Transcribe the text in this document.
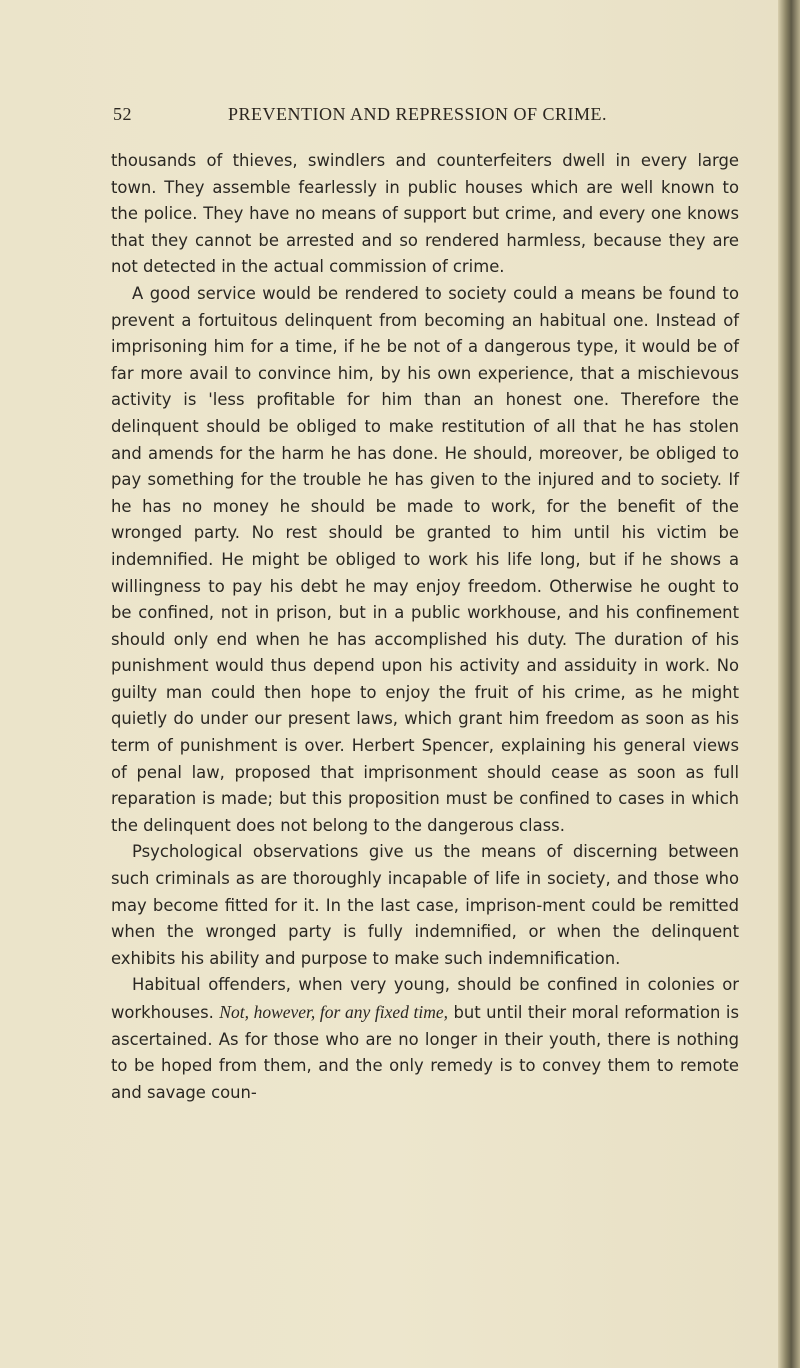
52	PREVENTION AND REPRESSION OF CRIME.

thousands of thieves, swindlers and counterfeiters dwell in every large town. They assemble fearlessly in public houses which are well known to the police. They have no means of support but crime, and every one knows that they cannot be arrested and so rendered harmless, because they are not detected in the actual commission of crime.

A good service would be rendered to society could a means be found to prevent a fortuitous delinquent from becoming an habitual one. Instead of imprisoning him for a time, if he be not of a dangerous type, it would be of far more avail to convince him, by his own experience, that a mischievous activity is 'less profitable for him than an honest one. Therefore the delinquent should be obliged to make restitution of all that he has stolen and amends for the harm he has done. He should, moreover, be obliged to pay something for the trouble he has given to the injured and to society. If he has no money he should be made to work, for the benefit of the wronged party. No rest should be granted to him until his victim be indemnified. He might be obliged to work his life long, but if he shows a willingness to pay his debt he may enjoy freedom. Otherwise he ought to be confined, not in prison, but in a public workhouse, and his confinement should only end when he has accomplished his duty. The duration of his punishment would thus depend upon his activity and assiduity in work. No guilty man could then hope to enjoy the fruit of his crime, as he might quietly do under our present laws, which grant him freedom as soon as his term of punishment is over. Herbert Spencer, explaining his general views of penal law, proposed that imprisonment should cease as soon as full reparation is made; but this proposition must be confined to cases in which the delinquent does not belong to the dangerous class.

Psychological observations give us the means of discerning between such criminals as are thoroughly incapable of life in society, and those who may become fitted for it. In the last case, imprison-ment could be remitted when the wronged party is fully indemnified, or when the delinquent exhibits his ability and purpose to make such indemnification.

Habitual offenders, when very young, should be confined in colonies or workhouses. Not, however, for any fixed time, but until their moral reformation is ascertained. As for those who are no longer in their youth, there is nothing to be hoped from them, and the only remedy is to convey them to remote and savage coun-
